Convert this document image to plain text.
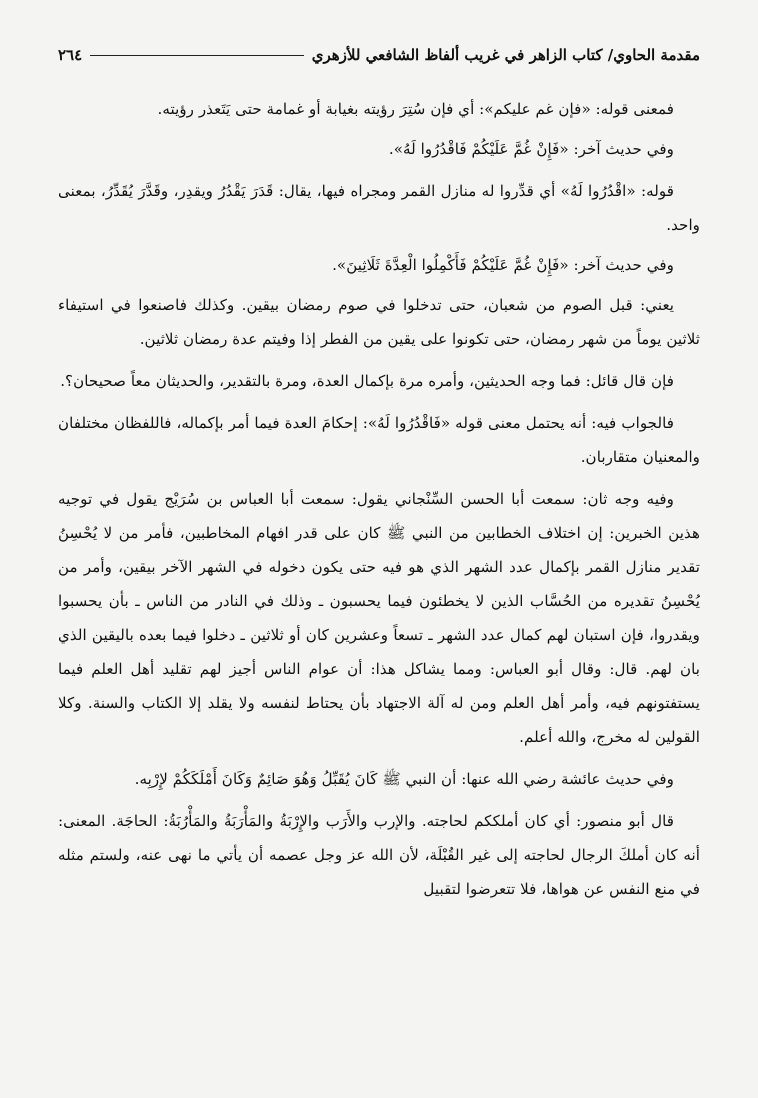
مقدمة الحاوي/ كتاب الزاهر في غريب ألفاظ الشافعي للأزهري
٢٦٤

فمعنى قوله: «فإن غم عليكم»: أي فإن سُتِرَ رؤيته بغيابة أو غمامة حتى يَتَعذر رؤيته.

وفي حديث آخر: «فَإِنْ غُمَّ عَلَيْكُمْ فَاقْدُرُوا لَهُ».

قوله: «اقْدُرُوا لَهُ» أي قدِّروا له منازل القمر ومجراه فيها، يقال: قَدَرَ يَقْدُرُ ويقدِر، وقَدَّرَ يُقَدِّرُ، بمعنى واحد.

وفي حديث آخر: «فَإِنْ غُمَّ عَلَيْكُمْ فَأَكْمِلُوا الْعِدَّةَ ثَلَاثِينَ».

يعني: قبل الصوم من شعبان، حتى تدخلوا في صوم رمضان بيقين. وكذلك فاصنعوا في استيفاء ثلاثين يوماً من شهر رمضان، حتى تكونوا على يقين من الفطر إذا وفيتم عدة رمضان ثلاثين.

فإن قال قائل: فما وجه الحديثين، وأمره مرة بإكمال العدة، ومرة بالتقدير، والحديثان معاً صحيحان؟.

فالجواب فيه: أنه يحتمل معنى قوله «فَاقْدُرُوا لَهُ»: إحكامَ العدة فيما أمر بإكماله، فاللفظان مختلفان والمعنيان متقاربان.

وفيه وجه ثان: سمعت أبا الحسن السِّنْجاني يقول: سمعت أبا العباس بن سُرَيْج يقول في توجيه هذين الخبرين: إن اختلاف الخطابين من النبي ﷺ كان على قدر افهام المخاطبين، فأمر من لا يُحْسِنُ تقدير منازل القمر بإكمال عدد الشهر الذي هو فيه حتى يكون دخوله في الشهر الآخر بيقين، وأمر من يُحْسِنُ تقديره من الحُسَّاب الذين لا يخطئون فيما يحسبون ـ وذلك في النادر من الناس ـ بأن يحسبوا ويقدروا، فإن استبان لهم كمال عدد الشهر ـ تسعاً وعشرين كان أو ثلاثين ـ دخلوا فيما بعده باليقين الذي بان لهم. قال: وقال أبو العباس: ومما يشاكل هذا: أن عوام الناس أجيز لهم تقليد أهل العلم فيما يستفتونهم فيه، وأمر أهل العلم ومن له آلة الاجتهاد بأن يحتاط لنفسه ولا يقلد إلا الكتاب والسنة. وكلا القولين له مخرج، والله أعلم.

وفي حديث عائشة رضي الله عنها: أن النبي ﷺ كَانَ يُقَبِّلُ وَهُوَ صَائِمٌ وَكَانَ أَمْلَكَكُمْ لإِرْبِه.

قال أبو منصور: أي كان أملككم لحاجته. والإرب والأَرَب والإِرْبَةُ والمَأْرَبَةُ والمَأْرُبَةُ: الحاجَة. المعنى: أنه كان أملكَ الرجال لحاجته إلى غير القُبْلَة، لأن الله عز وجل عصمه أن يأتي ما نهى عنه، ولستم مثله في منع النفس عن هواها، فلا تتعرضوا لتقبيل
